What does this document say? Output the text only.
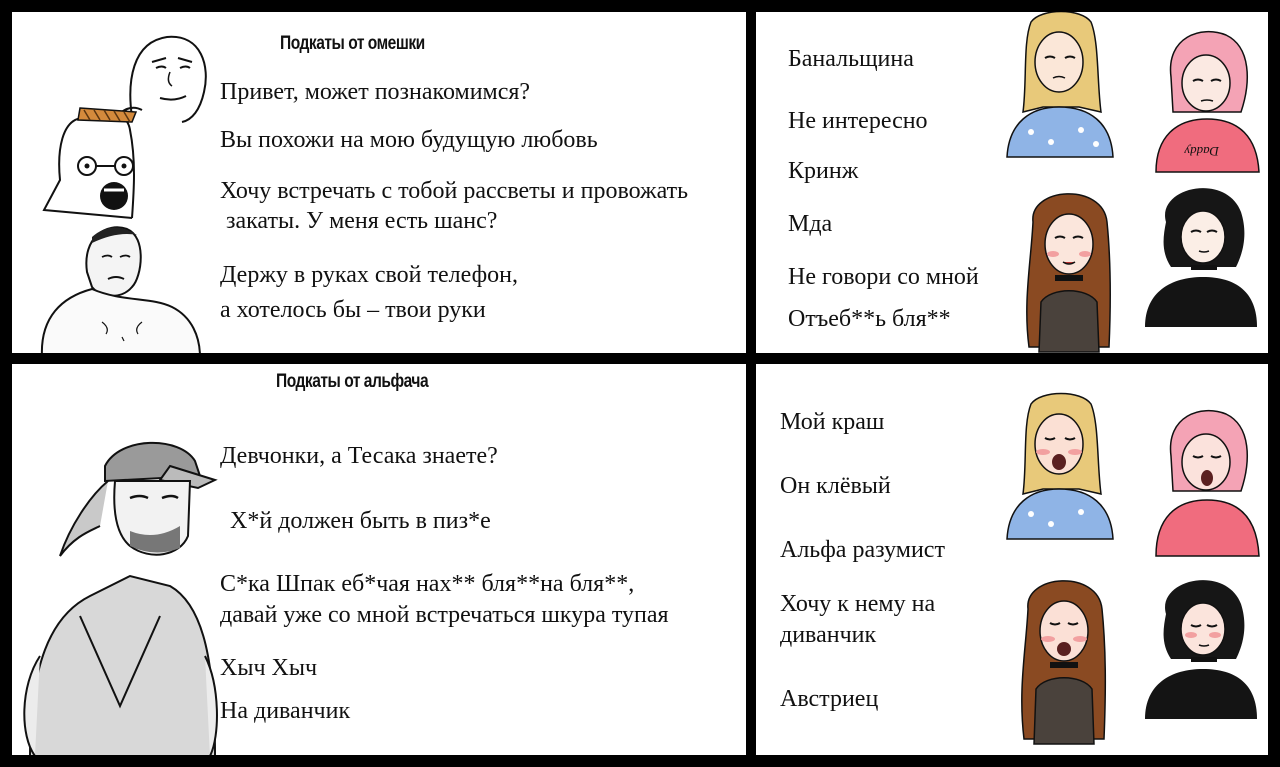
Подкаты от омешки
Привет, может познакомимся?
Вы похожи на мою будущую любовь
Хочу встречать с тобой рассветы и провожать
закаты. У меня есть шанс?
Держу в руках свой телефон,
а хотелось бы – твои руки
Банальщина
Не интересно
Кринж
Мда
Не говори со мной
Отъеб**ь бля**
Daddy
Подкаты от альфача
Девчонки, а Тесака знаете?
Х*й должен быть в пиз*е
С*ка Шпак еб*чая нах** бля**на бля**,
давай уже со мной встречаться шкура тупая
Хыч Хыч
На диванчик
Мой краш
Он клёвый
Альфа разумист
Хочу к нему на
диванчик
Австриец
